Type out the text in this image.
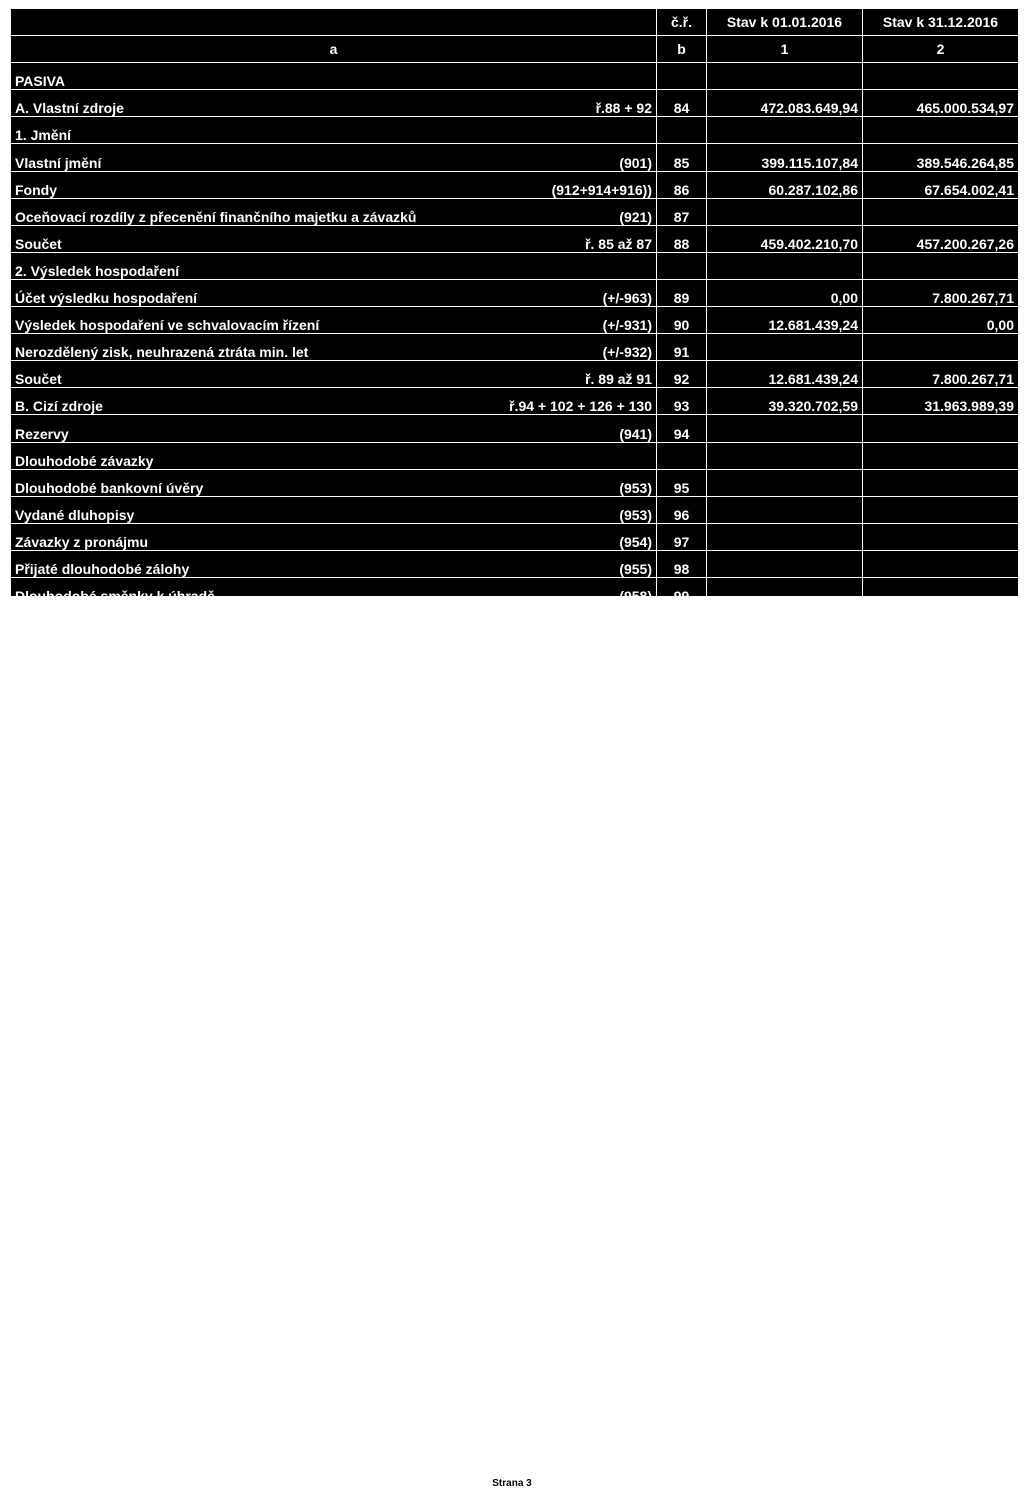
		č.ř.	Stav k 01.01.2016	Stav k 31.12.2016
a		b	1	2
PASIVA				
A. Vlastní zdroje	ř.88 + 92	84	472.083.649,94	465.000.534,97
1. Jmění				
Vlastní jmění	(901)	85	399.115.107,84	389.546.264,85
Fondy	(912+914+916))	86	60.287.102,86	67.654.002,41
Oceňovací rozdíly z přecenění finančního majetku a závazků	(921)	87		
Součet	ř. 85 až 87	88	459.402.210,70	457.200.267,26
2. Výsledek hospodaření				
Účet výsledku hospodaření	(+/-963)	89	0,00	7.800.267,71
Výsledek hospodaření ve schvalovacím řízení	(+/-931)	90	12.681.439,24	0,00
Nerozdělený zisk, neuhrazená ztráta min. let	(+/-932)	91		
Součet	ř. 89 až 91	92	12.681.439,24	7.800.267,71
B. Cizí zdroje	ř.94 + 102 + 126 + 130	93	39.320.702,59	31.963.989,39
Rezervy	(941)	94		
Dlouhodobé závazky				
Dlouhodobé bankovní úvěry	(953)	95		
Vydané dluhopisy	(953)	96		
Závazky z pronájmu	(954)	97		
Přijaté dlouhodobé zálohy	(955)	98		
Dlouhodobé směnky k úhradě	(958)	99		
Dohadné účty pasivní	(389)	100		
Ostatní dlouhodobé závazky	(959)	101		
Součet	ř. 94 až 101	102	0,00	0,00
Krátkodobé závazky				
Dodavatelé	(321)	103	5.901.530,14	4.753.069,40
Směnky k úhradě	(322)	104		
Přijaté zálohy	(324)	105	14.881.484,91	10.387.236,98
Ostatní závazky	(325)	106	2.400,00	921.919,00
Zaměstnanci	(331)	107	7.663.222,00	6.608.481,00
Ostatní závazky vůči zaměstnancům	(333)	108	222.156,00	237.880,00
Závazky ze sociálního zabezpečení a zdr.pojištění	(336)	109	4.747.683,00	3.940.539,00
Daň z příjmů	(341)	110	1.492.160,00	0,00
Ostatní přímé daně	(342)	111	1.505.022,00	1.074.062,00
Daň z přidané hodnoty	(343)	112	2.209.090,00	2.058.899,00
Ostatní daně a poplatky	(345)	113	47,00	11.827,00
Závazky ze vztahu ke státnímu rozpočtu	(346)	114	137.670,71	1.242.803,80
Závazky ze vztahu k rozp.orgánů uzem.sam.celků	(348)	115		
Závazky z upsaných nespl.cenných papírů a vkladů	(367)	116		
Závazky k účastníkům sdružení	(368)	117		
Závazky z pevných termínových operací a opcí	(373)	118		
Jiné závazky	(379)	119		
Krátkodobé bankovní úvěry	(231)	120		
Eskontní úvěry	(232)	121		
Vydané kratkodobé dluhopisy	(241)	122		
Vlastní dluhopisy	(255)	123		
Dohadné účty pasivní	(389)	124	533.755,83	610.973,00
Ostatní krátkodobé finanční výpomoci	(379)	125		
Součet	ř.103 až 125	126	39.286.221,59	31.847.690,18
Strana 3
